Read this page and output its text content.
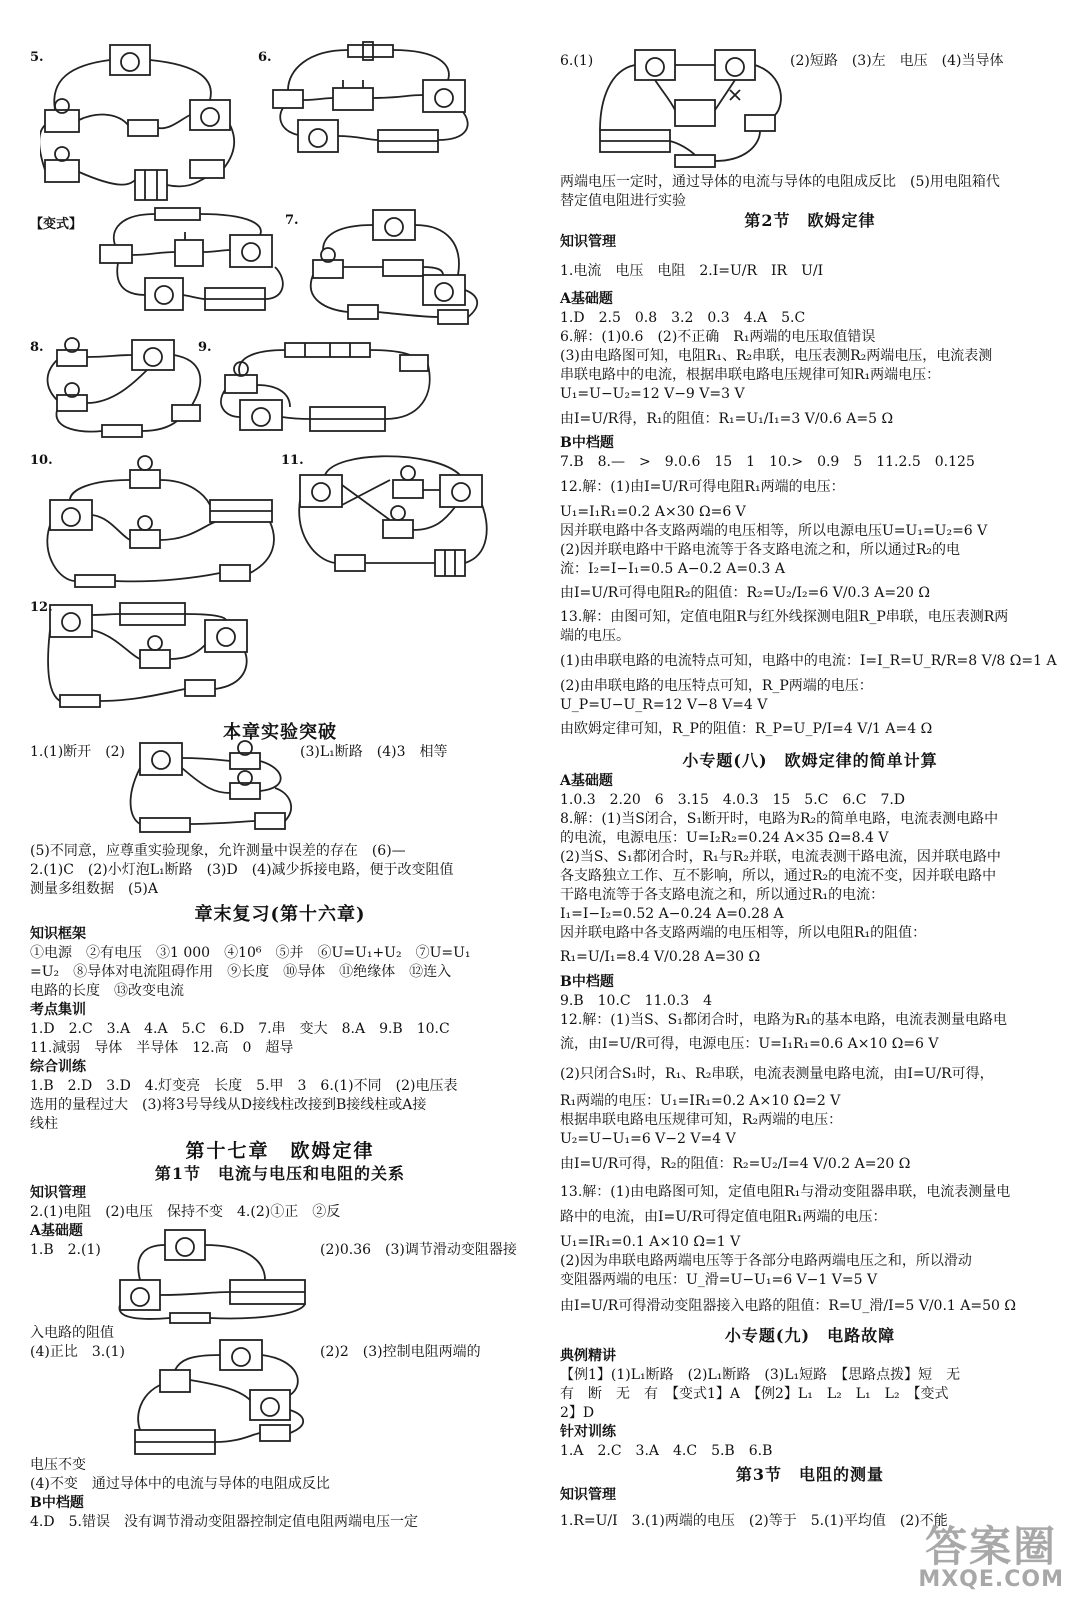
5.	6.
【变式】	7.
8.	9.
10.	11.
12.
本章实验突破
1.(1)断开　(2)	(3)L₁断路　(4)3　相等
(5)不同意，应尊重实验现象，允许测量中误差的存在　(6)—
2.(1)C　(2)小灯泡L₁断路　(3)D　(4)减少拆接电路，便于改变阻值
测量多组数据　(5)A
章末复习(第十六章)
知识框架
①电源　②有电压　③1 000　④10⁶　⑤并　⑥U=U₁+U₂　⑦U=U₁
=U₂　⑧导体对电流阻碍作用　⑨长度　⑩导体　⑪绝缘体　⑫连入
电路的长度　⑬改变电流
考点集训
1.D　2.C　3.A　4.A　5.C　6.D　7.串　变大　8.A　9.B　10.C
11.減弱　导体　半导体　12.高　0　超导
综合训练
1.B　2.D　3.D　4.灯变亮　长度　5.甲　3　6.(1)不同　(2)电压表
选用的量程过大　(3)将3号导线从D接线柱改接到B接线柱或A接
线柱
第十七章　欧姆定律
第1节　电流与电压和电阻的关系
知识管理
2.(1)电阻　(2)电压　保持不变　4.(2)①正　②反
A基础题
1.B　2.(1)	(2)0.36　(3)调节滑动变阻器接
入电路的阻值
(4)正比　3.(1)	(2)2　(3)控制电阻两端的
电压不变
(4)不变　通过导体中的电流与导体的电阻成反比
B中档题
4.D　5.错误　没有调节滑动变阻器控制定值电阻两端电压一定
6.(1)	(2)短路　(3)左　电压　(4)当导体
两端电压一定时，通过导体的电流与导体的电阻成反比　(5)用电阻箱代
替定值电阻进行实验
第2节　欧姆定律
知识管理
1.电流　电压　电阻　2.I=U/R　IR　U/I
A基础题
1.D　2.5　0.8　3.2　0.3　4.A　5.C
6.解：(1)0.6　(2)不正确　R₁两端的电压取值错误
(3)由电路图可知，电阻R₁、R₂串联，电压表测R₂两端电压，电流表测
串联电路中的电流，根据串联电路电压规律可知R₁两端电压：
U₁=U−U₂=12 V−9 V=3 V
由I=U/R得，R₁的阻值：R₁=U₁/I₁=3 V/0.6 A=5 Ω
B中档题
7.B　8.—　>　9.0.6　15　1　10.>　0.9　5　11.2.5　0.125
12.解：(1)由I=U/R可得电阻R₁两端的电压：
U₁=I₁R₁=0.2 A×30 Ω=6 V
因并联电路中各支路两端的电压相等，所以电源电压U=U₁=U₂=6 V
(2)因并联电路中干路电流等于各支路电流之和，所以通过R₂的电
流：I₂=I−I₁=0.5 A−0.2 A=0.3 A
由I=U/R可得电阻R₂的阻值：R₂=U₂/I₂=6 V/0.3 A=20 Ω
13.解：由图可知，定值电阻R与红外线探测电阻R_P串联，电压表测R两
端的电压。
(1)由串联电路的电流特点可知，电路中的电流：I=I_R=U_R/R=8 V/8 Ω=1 A
(2)由串联电路的电压特点可知，R_P两端的电压：
U_P=U−U_R=12 V−8 V=4 V
由欧姆定律可知，R_P的阻值：R_P=U_P/I=4 V/1 A=4 Ω
小专题(八)　欧姆定律的简单计算
A基础题
1.0.3　2.20　6　3.15　4.0.3　15　5.C　6.C　7.D
8.解：(1)当S闭合，S₁断开时，电路为R₂的简单电路，电流表测电路中
的电流，电源电压：U=I₂R₂=0.24 A×35 Ω=8.4 V
(2)当S、S₁都闭合时，R₁与R₂并联，电流表测干路电流，因并联电路中
各支路独立工作、互不影响，所以，通过R₂的电流不变，因并联电路中
干路电流等于各支路电流之和，所以通过R₁的电流：
I₁=I−I₂=0.52 A−0.24 A=0.28 A
因并联电路中各支路两端的电压相等，所以电阻R₁的阻值：
R₁=U/I₁=8.4 V/0.28 A=30 Ω
B中档题
9.B　10.C　11.0.3　4
12.解：(1)当S、S₁都闭合时，电路为R₁的基本电路，电流表测量电路电
流，由I=U/R可得，电源电压：U=I₁R₁=0.6 A×10 Ω=6 V
(2)只闭合S₁时，R₁、R₂串联，电流表测量电路电流，由I=U/R可得，
R₁两端的电压：U₁=IR₁=0.2 A×10 Ω=2 V
根据串联电路电压规律可知，R₂两端的电压：
U₂=U−U₁=6 V−2 V=4 V
由I=U/R可得，R₂的阻值：R₂=U₂/I=4 V/0.2 A=20 Ω
13.解：(1)由电路图可知，定值电阻R₁与滑动变阻器串联，电流表测量电
路中的电流，由I=U/R可得定值电阻R₁两端的电压：
U₁=IR₁=0.1 A×10 Ω=1 V
(2)因为串联电路两端电压等于各部分电路两端电压之和，所以滑动
变阻器两端的电压：U_滑=U−U₁=6 V−1 V=5 V
由I=U/R可得滑动变阻器接入电路的阻值：R=U_滑/I=5 V/0.1 A=50 Ω
小专题(九)　电路故障
典例精讲
【例1】(1)L₁断路　(2)L₁断路　(3)L₁短路　【思路点拨】短　无
有　断　无　有　【变式1】A　【例2】L₁　L₂　L₁　L₂　【变式
2】D
针对训练
1.A　2.C　3.A　4.C　5.B　6.B
第3节　电阻的测量
知识管理
1.R=U/I　3.(1)两端的电压　(2)等于　5.(1)平均值　(2)不能
答案圈
MXQE.COM
